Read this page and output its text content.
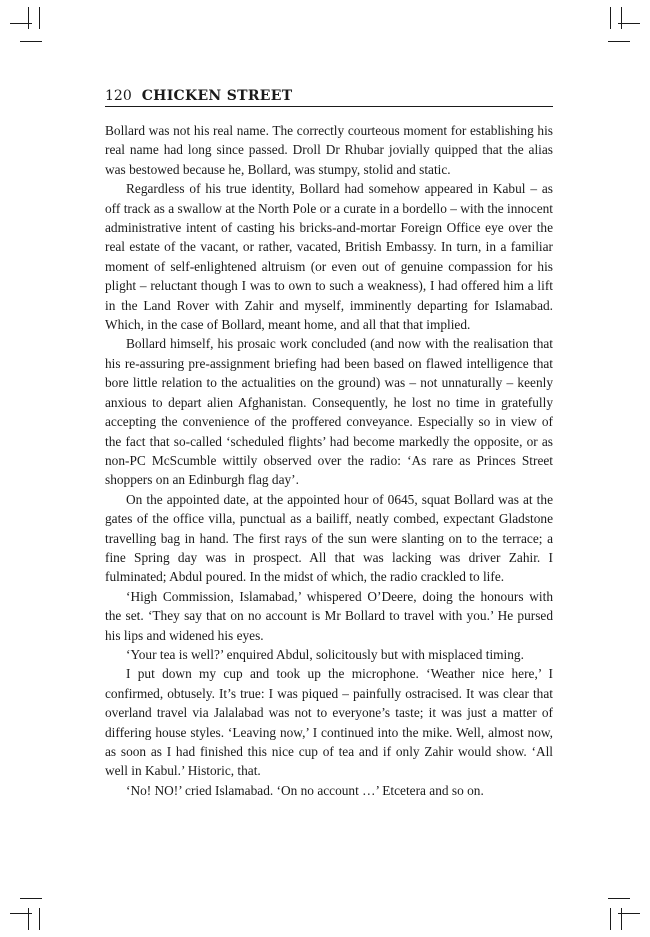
120 CHICKEN STREET

Bollard was not his real name. The correctly courteous moment for establishing his real name had long since passed. Droll Dr Rhubar jovially quipped that the alias was bestowed because he, Bollard, was stumpy, stolid and static.

Regardless of his true identity, Bollard had somehow appeared in Kabul – as off track as a swallow at the North Pole or a curate in a bordello – with the innocent administrative intent of casting his bricks-and-mortar Foreign Office eye over the real estate of the vacant, or rather, vacated, British Embassy. In turn, in a familiar moment of self-enlightened altruism (or even out of genuine compassion for his plight – reluctant though I was to own to such a weakness), I had offered him a lift in the Land Rover with Zahir and myself, imminently departing for Islamabad. Which, in the case of Bollard, meant home, and all that that implied.

Bollard himself, his prosaic work concluded (and now with the realisation that his re-assuring pre-assignment briefing had been based on flawed intelligence that bore little relation to the actualities on the ground) was – not unnaturally – keenly anxious to depart alien Afghanistan. Consequently, he lost no time in gratefully accepting the convenience of the proffered conveyance. Especially so in view of the fact that so-called ‘scheduled flights’ had become markedly the opposite, or as non-PC McScumble wittily observed over the radio: ‘As rare as Princes Street shoppers on an Edinburgh flag day’.

On the appointed date, at the appointed hour of 0645, squat Bollard was at the gates of the office villa, punctual as a bailiff, neatly combed, expectant Gladstone travelling bag in hand. The first rays of the sun were slanting on to the terrace; a fine Spring day was in prospect. All that was lacking was driver Zahir. I fulminated; Abdul poured. In the midst of which, the radio crackled to life.

‘High Commission, Islamabad,’ whispered O’Deere, doing the honours with the set. ‘They say that on no account is Mr Bollard to travel with you.’ He pursed his lips and widened his eyes.

‘Your tea is well?’ enquired Abdul, solicitously but with misplaced timing.

I put down my cup and took up the microphone. ‘Weather nice here,’ I confirmed, obtusely. It’s true: I was piqued – painfully ostracised. It was clear that overland travel via Jalalabad was not to everyone’s taste; it was just a matter of differing house styles. ‘Leaving now,’ I continued into the mike. Well, almost now, as soon as I had finished this nice cup of tea and if only Zahir would show. ‘All well in Kabul.’ Historic, that.

‘No! NO!’ cried Islamabad. ‘On no account …’ Etcetera and so on.
